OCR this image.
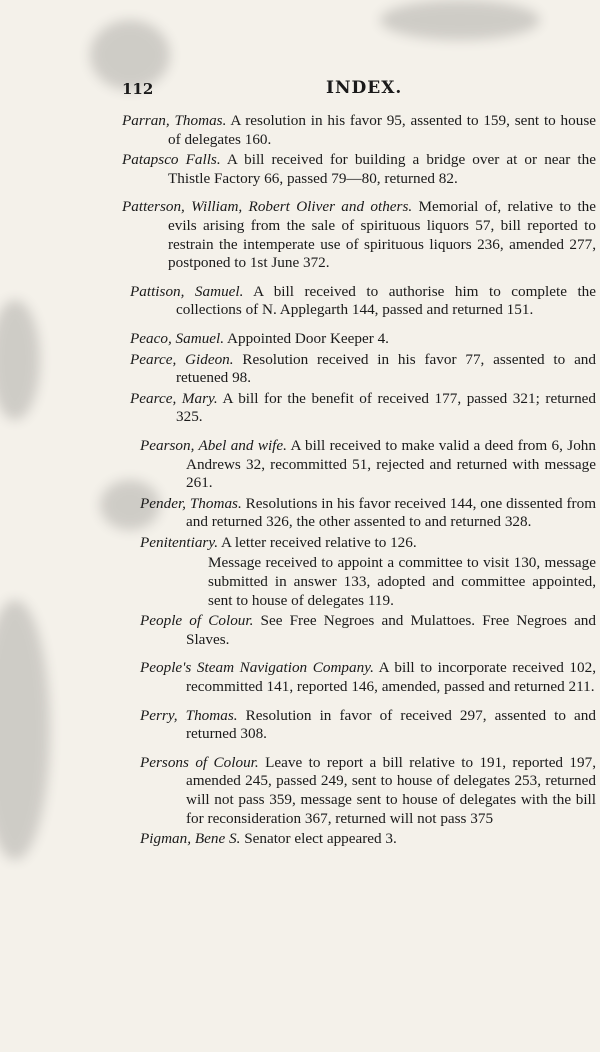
112	INDEX.

Parran, Thomas. A resolution in his favor 95, assented to 159, sent to house of delegates 160.

Patapsco Falls. A bill received for building a bridge over at or near the Thistle Factory 66, passed 79—80, returned 82.

Patterson, William, Robert Oliver and others. Memorial of, relative to the evils arising from the sale of spirituous liquors 57, bill reported to restrain the intemperate use of spirituous liquors 236, amended 277, postponed to 1st June 372.

Pattison, Samuel. A bill received to authorise him to complete the collections of N. Applegarth 144, passed and returned 151.

Peaco, Samuel. Appointed Door Keeper 4.

Pearce, Gideon. Resolution received in his favor 77, assented to and retuened 98.

Pearce, Mary. A bill for the benefit of received 177, passed 321; returned 325.

Pearson, Abel and wife. A bill received to make valid a deed from 6, John Andrews 32, recommitted 51, rejected and returned with message 261.

Pender, Thomas. Resolutions in his favor received 144, one dissented from and returned 326, the other assented to and returned 328.

Penitentiary. A letter received relative to 126.

Message received to appoint a committee to visit 130, message submitted in answer 133, adopted and committee appointed, sent to house of delegates 119.

People of Colour. See Free Negroes and Mulattoes. Free Negroes and Slaves.

People's Steam Navigation Company. A bill to incorporate received 102, recommitted 141, reported 146, amended, passed and returned 211.

Perry, Thomas. Resolution in favor of received 297, assented to and returned 308.

Persons of Colour. Leave to report a bill relative to 191, reported 197, amended 245, passed 249, sent to house of delegates 253, returned will not pass 359, message sent to house of delegates with the bill for reconsideration 367, returned will not pass 375

Pigman, Bene S. Senator elect appeared 3.
